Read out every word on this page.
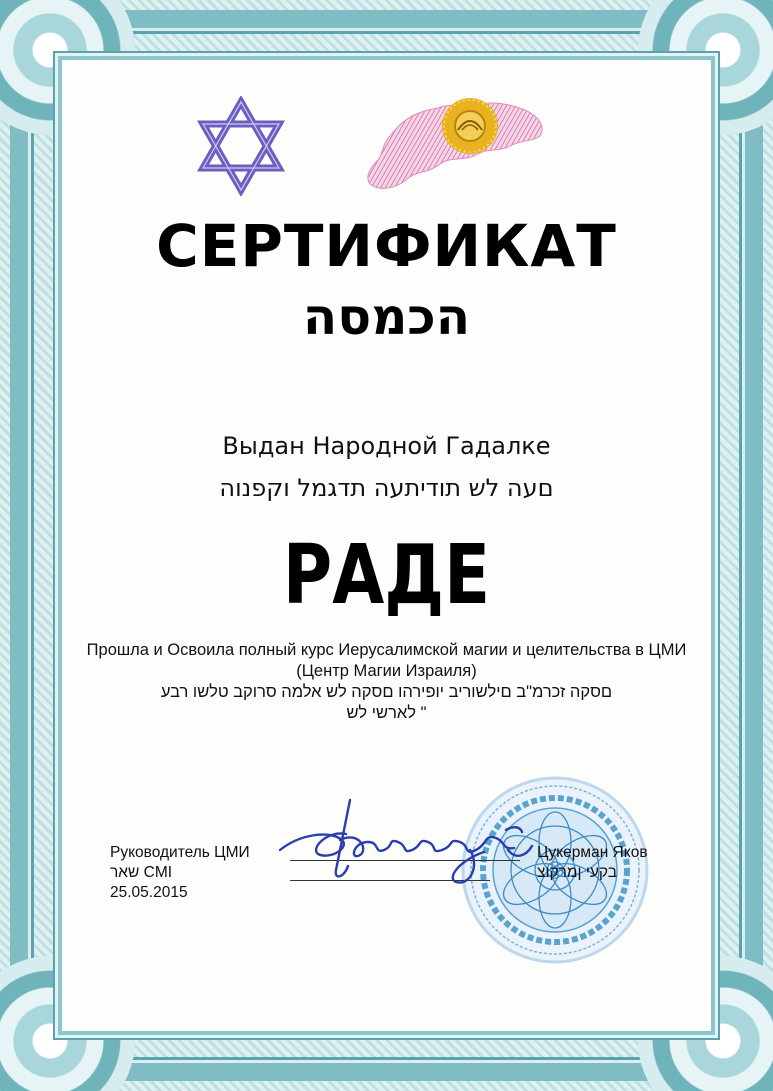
СЕРТИФИКАТ
הכמסה
Выдан Народной Гадалке
םעה לש תודיתעה תדגמל וקפנוה
РАДЕ
Прошла и Освоила полный курс Иерусалимской магии и целительства в ЦМИ (Центр Магии Израиля)
םסקה זכרמ"ב םילשוריב יופירהו םסקה לש אלמה סרוקב טלשו רבע
" לארשי לש
Руководитель ЦМИ
שאר CMI
25.05.2015
Цукерман Яков
בקעי ןמרקוצ
